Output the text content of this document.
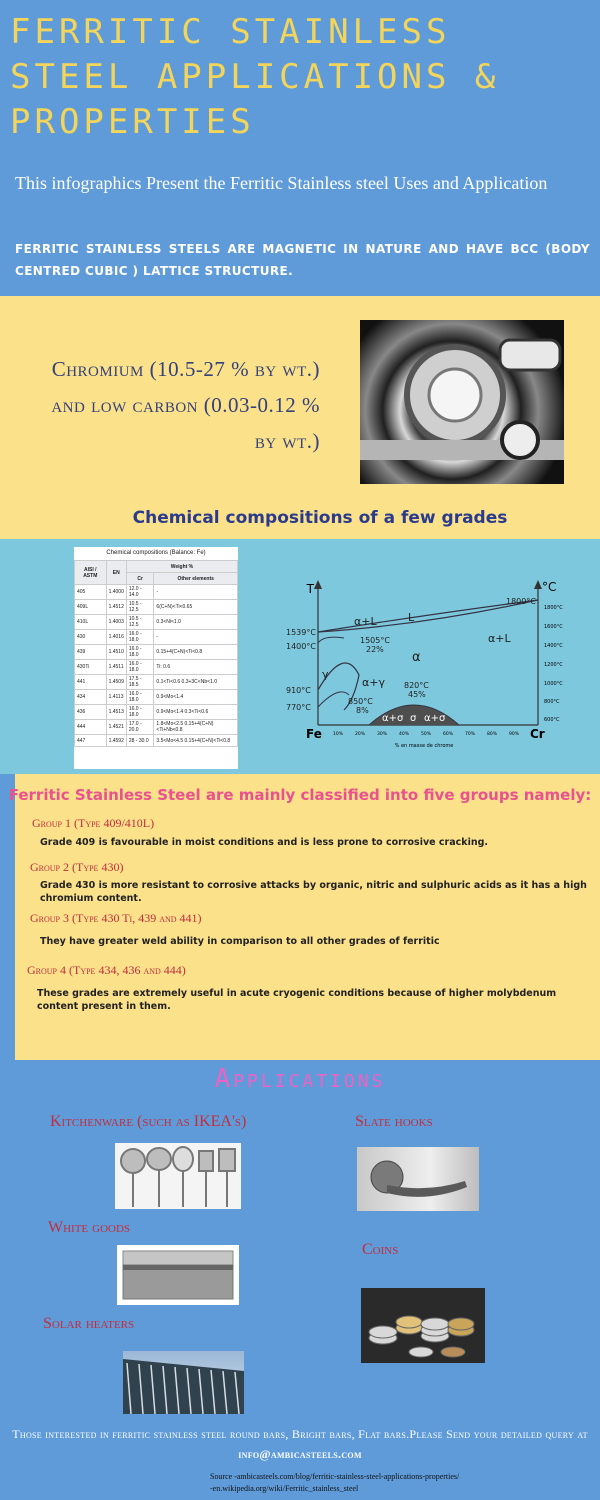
FERRITIC STAINLESS STEEL APPLICATIONS & PROPERTIES
This infographics Present the Ferritic Stainless steel Uses and Application
FERRITIC STAINLESS STEELS ARE MAGNETIC IN NATURE AND HAVE BCC (BODY CENTRED CUBIC ) LATTICE STRUCTURE.
Chromium (10.5-27 % by wt.) and low carbon (0.03-0.12 % by wt.)
Chemical compositions of a few grades
Chemical compositions (Balance: Fe)
AISI / ASTM	EN	Weight %	
		Cr	Other elements
405	1.4000	12.0 - 14.0	-
409L	1.4512	10.5 - 12.5	6(C+N)<Ti<0.65
410L	1.4003	10.5 - 12.5	0.3<Ni<1.0
430	1.4016	16.0 - 18.0	-
439	1.4510	16.0 - 18.0	0.15+4(C+N)<Ti<0.8
430Ti	1.4511	16.0 - 18.0	Ti: 0.6
441	1.4509	17.5 - 18.5	0.1<Ti<0.6 0.3+3C<Nb<1.0
434	1.4113	16.0 - 18.0	0.9<Mo<1.4
436	1.4513	16.0 - 18.0	0.9<Mo<1.4 0.3<Ti<0.6
444	1.4521	17.0 - 20.0	1.8<Mo<2.5 0.15+4(C+N)<Ti+Nb<0.8
447	1.4592	28 - 30.0	3.5<Mo<4.5 0.15+4(C+N)<Ti<0.8
T	°C
Fe	Cr
% en masse de chrome
10%	20%	30%	40%	50%	60%	70%	80%	90%
1800°C
1600°C
1400°C
1200°C
1000°C
800°C
600°C
1800°C
1539°C
1400°C
1505°C
22%
910°C
770°C
850°C
8%
820°C
45%
α+L	L
α+L
α
γ
α+γ
α+σ σ α+σ
Ferritic Stainless Steel are mainly classified into five groups namely:
Group 1 (Type 409/410L)
Grade 409 is favourable in moist conditions and is less prone to corrosive cracking.
Group 2 (Type 430)
Grade 430 is more resistant to corrosive attacks by organic, nitric and sulphuric acids as it has a high chromium content.
Group 3 (Type 430 Ti, 439 and 441)
They have greater weld ability in comparison to all other grades of ferritic
Group 4 (Type 434, 436 and 444)
These grades are extremely useful in acute cryogenic conditions because of higher molybdenum content present in them.
Applications
Kitchenware (such as IKEA's)	Slate hooks
White goods
Coins
Solar heaters
Those interested in ferritic stainless steel round bars, Bright bars, Flat bars.Please Send your detailed query at info@ambicasteels.com
Source -ambicasteels.com/blog/ferritic-stainless-steel-applications-properties/
-en.wikipedia.org/wiki/Ferritic_stainless_steel
